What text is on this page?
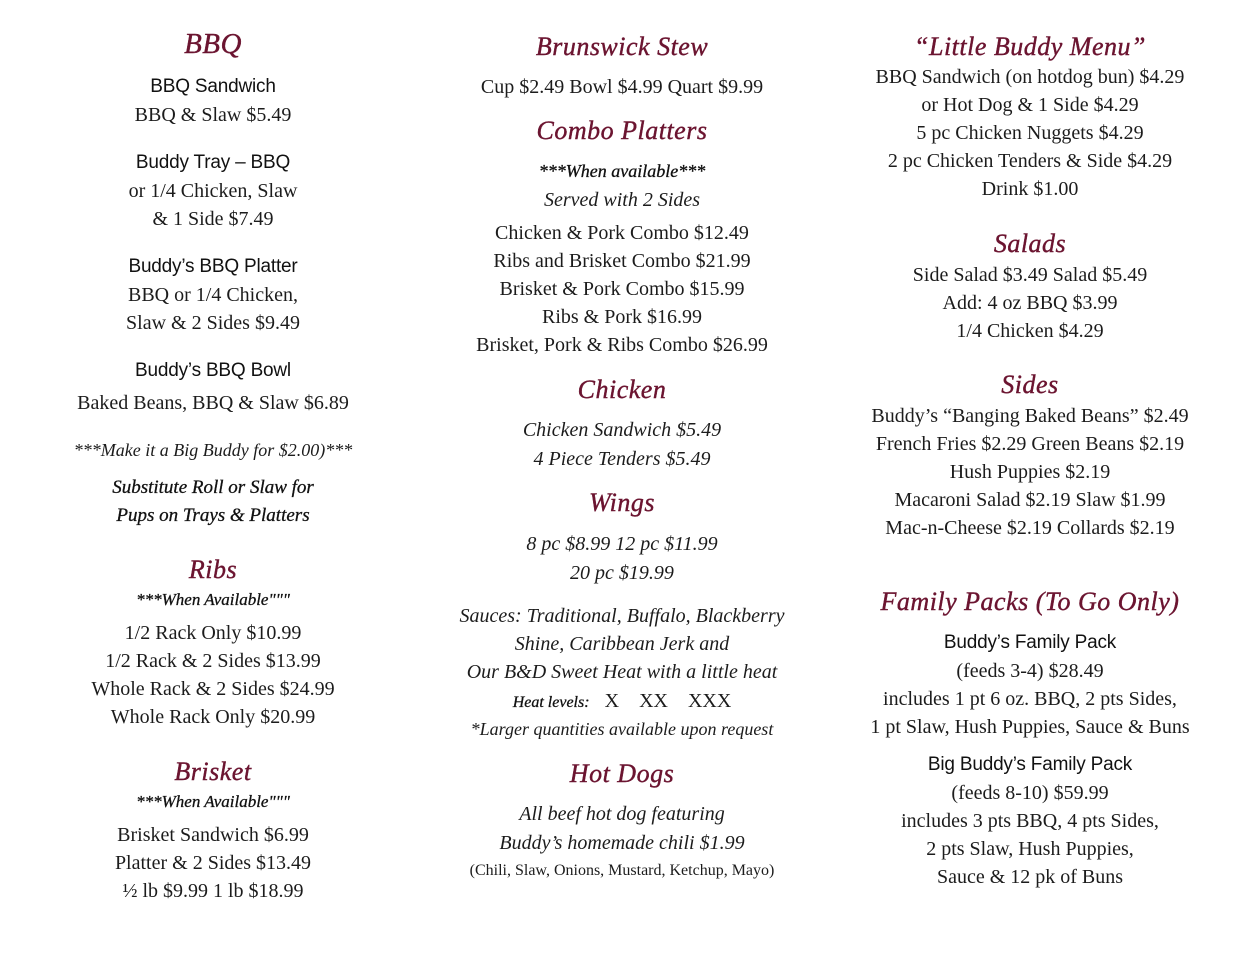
BBQ
BBQ Sandwich
BBQ & Slaw $5.49
Buddy Tray – BBQ
or 1/4 Chicken, Slaw
& 1 Side $7.49
Buddy’s BBQ Platter
BBQ or 1/4 Chicken,
Slaw & 2 Sides $9.49
Buddy’s BBQ Bowl
Baked Beans, BBQ & Slaw $6.89
***Make it a Big Buddy for $2.00)***
Substitute Roll or Slaw for
Pups on Trays & Platters
Ribs
***When Available"""
1/2 Rack Only $10.99
1/2 Rack & 2 Sides $13.99
Whole Rack & 2 Sides $24.99
Whole Rack Only $20.99
Brisket
***When Available"""
Brisket Sandwich $6.99
Platter & 2 Sides $13.49
½ lb $9.99 1 lb $18.99
Brunswick Stew
Cup $2.49 Bowl $4.99 Quart $9.99
Combo Platters
***When available***
Served with 2 Sides
Chicken & Pork Combo $12.49
Ribs and Brisket Combo $21.99
Brisket & Pork Combo $15.99
Ribs & Pork $16.99
Brisket, Pork & Ribs Combo $26.99
Chicken
Chicken Sandwich $5.49
4 Piece Tenders $5.49
Wings
8 pc $8.99 12 pc $11.99
20 pc $19.99
Sauces: Traditional, Buffalo, Blackberry
Shine, Caribbean Jerk and
Our B&D Sweet Heat with a little heat
Heat levels: X    XX    XXX
*Larger quantities available upon request
Hot Dogs
All beef hot dog featuring
Buddy’s homemade chili $1.99
(Chili, Slaw, Onions, Mustard, Ketchup, Mayo)
“Little Buddy Menu”
BBQ Sandwich (on hotdog bun) $4.29
or Hot Dog & 1 Side $4.29
5 pc Chicken Nuggets $4.29
2 pc Chicken Tenders & Side $4.29
Drink $1.00
Salads
Side Salad $3.49 Salad $5.49
Add: 4 oz BBQ $3.99
1/4 Chicken $4.29
Sides
Buddy’s “Banging Baked Beans” $2.49
French Fries $2.29 Green Beans $2.19
Hush Puppies $2.19
Macaroni Salad $2.19 Slaw $1.99
Mac-n-Cheese $2.19 Collards $2.19
Family Packs (To Go Only)
Buddy’s Family Pack
(feeds 3-4) $28.49
includes 1 pt 6 oz. BBQ, 2 pts Sides,
1 pt Slaw, Hush Puppies, Sauce & Buns
Big Buddy’s Family Pack
(feeds 8-10) $59.99
includes 3 pts BBQ, 4 pts Sides,
2 pts Slaw, Hush Puppies,
Sauce & 12 pk of Buns
